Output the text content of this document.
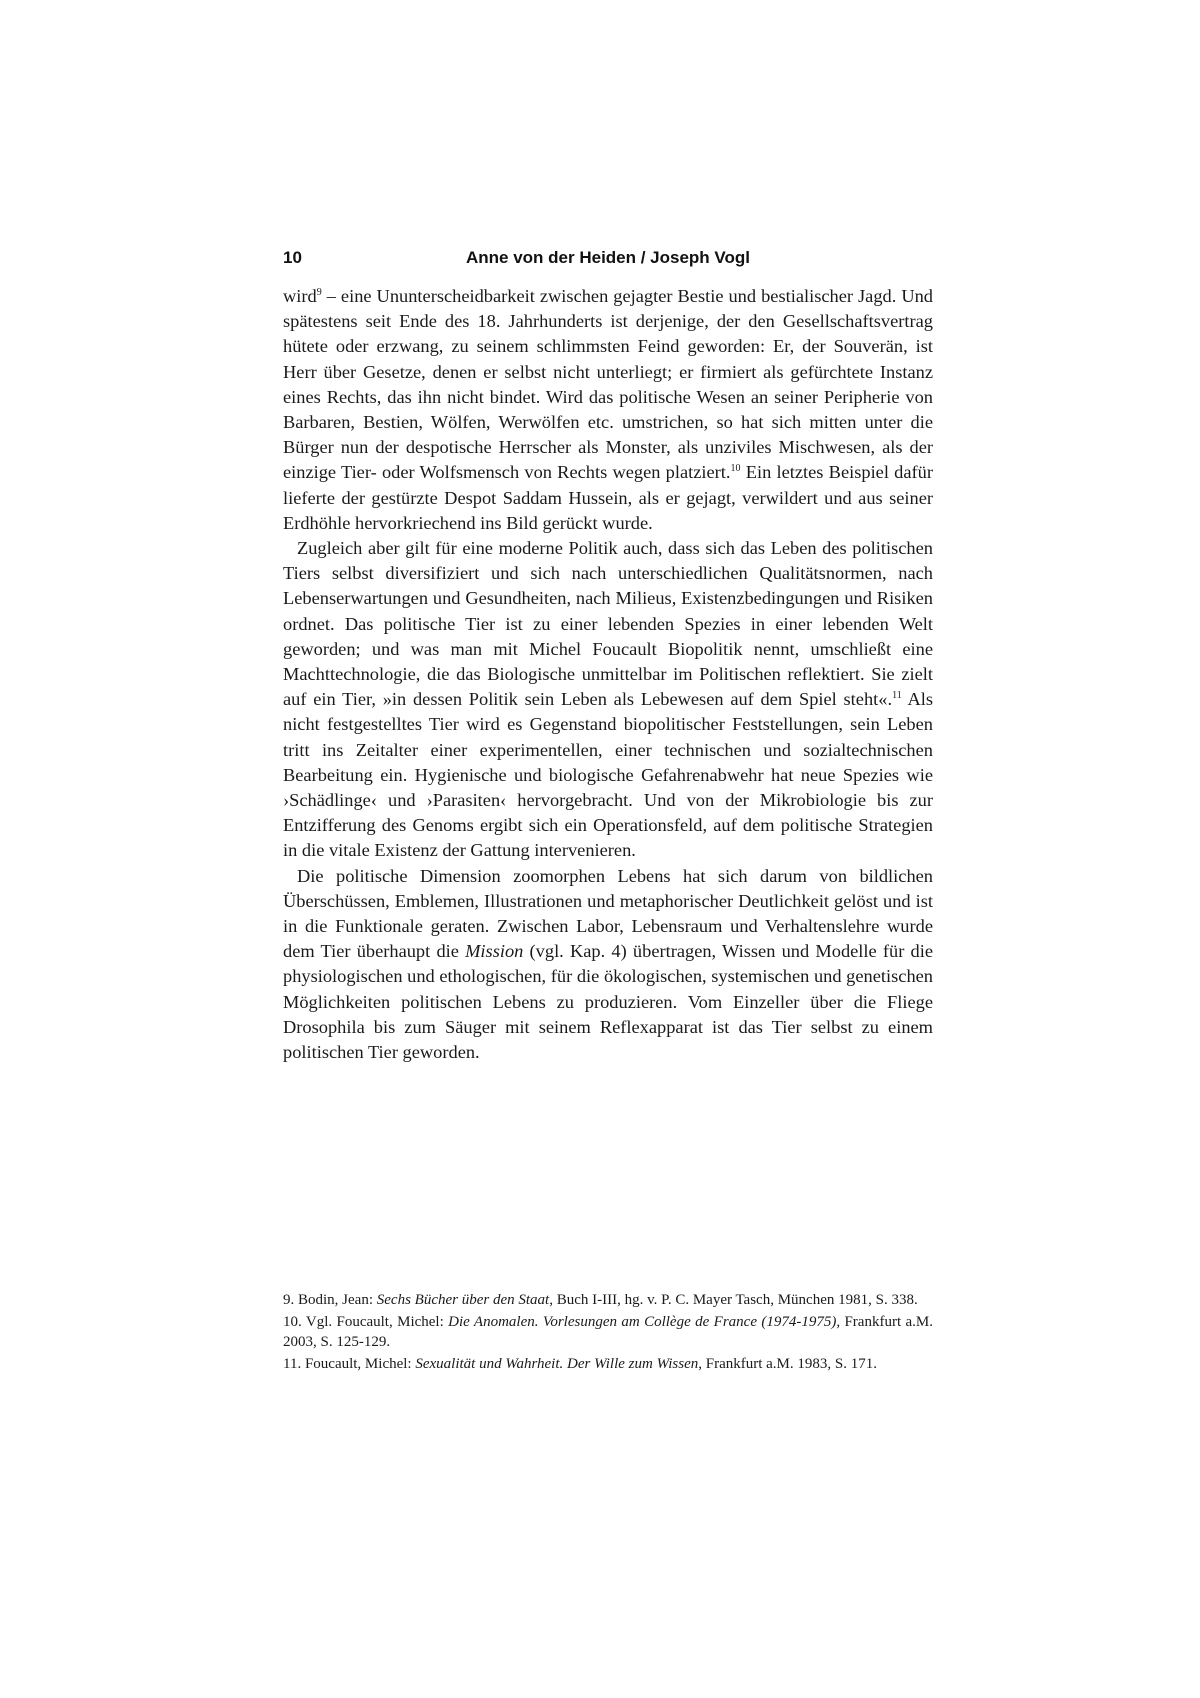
10	Anne von der Heiden / Joseph Vogl

wird$^9$ – eine Ununterscheidbarkeit zwischen gejagter Bestie und bestialischer Jagd. Und spätestens seit Ende des 18. Jahrhunderts ist derjenige, der den Gesellschaftsvertrag hütete oder erzwang, zu seinem schlimmsten Feind geworden: Er, der Souverän, ist Herr über Gesetze, denen er selbst nicht unterliegt; er firmiert als gefürchtete Instanz eines Rechts, das ihn nicht bindet. Wird das politische Wesen an seiner Peripherie von Barbaren, Bestien, Wölfen, Werwölfen etc. umstrichen, so hat sich mitten unter die Bürger nun der despotische Herrscher als Monster, als unziviles Mischwesen, als der einzige Tier- oder Wolfsmensch von Rechts wegen platziert.$^{10}$ Ein letztes Beispiel dafür lieferte der gestürzte Despot Saddam Hussein, als er gejagt, verwildert und aus seiner Erdhöhle hervorkriechend ins Bild gerückt wurde.

Zugleich aber gilt für eine moderne Politik auch, dass sich das Leben des politischen Tiers selbst diversifiziert und sich nach unterschiedlichen Qualitätsnormen, nach Lebenserwartungen und Gesundheiten, nach Milieus, Existenzbedingungen und Risiken ordnet. Das politische Tier ist zu einer lebenden Spezies in einer lebenden Welt geworden; und was man mit Michel Foucault Biopolitik nennt, umschließt eine Machttechnologie, die das Biologische unmittelbar im Politischen reflektiert. Sie zielt auf ein Tier, »in dessen Politik sein Leben als Lebewesen auf dem Spiel steht«.$^{11}$ Als nicht festgestelltes Tier wird es Gegenstand biopolitischer Feststellungen, sein Leben tritt ins Zeitalter einer experimentellen, einer technischen und sozialtechnischen Bearbeitung ein. Hygienische und biologische Gefahrenabwehr hat neue Spezies wie ›Schädlinge‹ und ›Parasiten‹ hervorgebracht. Und von der Mikrobiologie bis zur Entzifferung des Genoms ergibt sich ein Operationsfeld, auf dem politische Strategien in die vitale Existenz der Gattung intervenieren.

Die politische Dimension zoomorphen Lebens hat sich darum von bildlichen Überschüssen, Emblemen, Illustrationen und metaphorischer Deutlichkeit gelöst und ist in die Funktionale geraten. Zwischen Labor, Lebensraum und Verhaltenslehre wurde dem Tier überhaupt die Mission (vgl. Kap. 4) übertragen, Wissen und Modelle für die physiologischen und ethologischen, für die ökologischen, systemischen und genetischen Möglichkeiten politischen Lebens zu produzieren. Vom Einzeller über die Fliege Drosophila bis zum Säuger mit seinem Reflexapparat ist das Tier selbst zu einem politischen Tier geworden.

9. Bodin, Jean: Sechs Bücher über den Staat, Buch I-III, hg. v. P. C. Mayer Tasch, München 1981, S. 338.

10. Vgl. Foucault, Michel: Die Anomalen. Vorlesungen am Collège de France (1974-1975), Frankfurt a.M. 2003, S. 125-129.

11. Foucault, Michel: Sexualität und Wahrheit. Der Wille zum Wissen, Frankfurt a.M. 1983, S. 171.
